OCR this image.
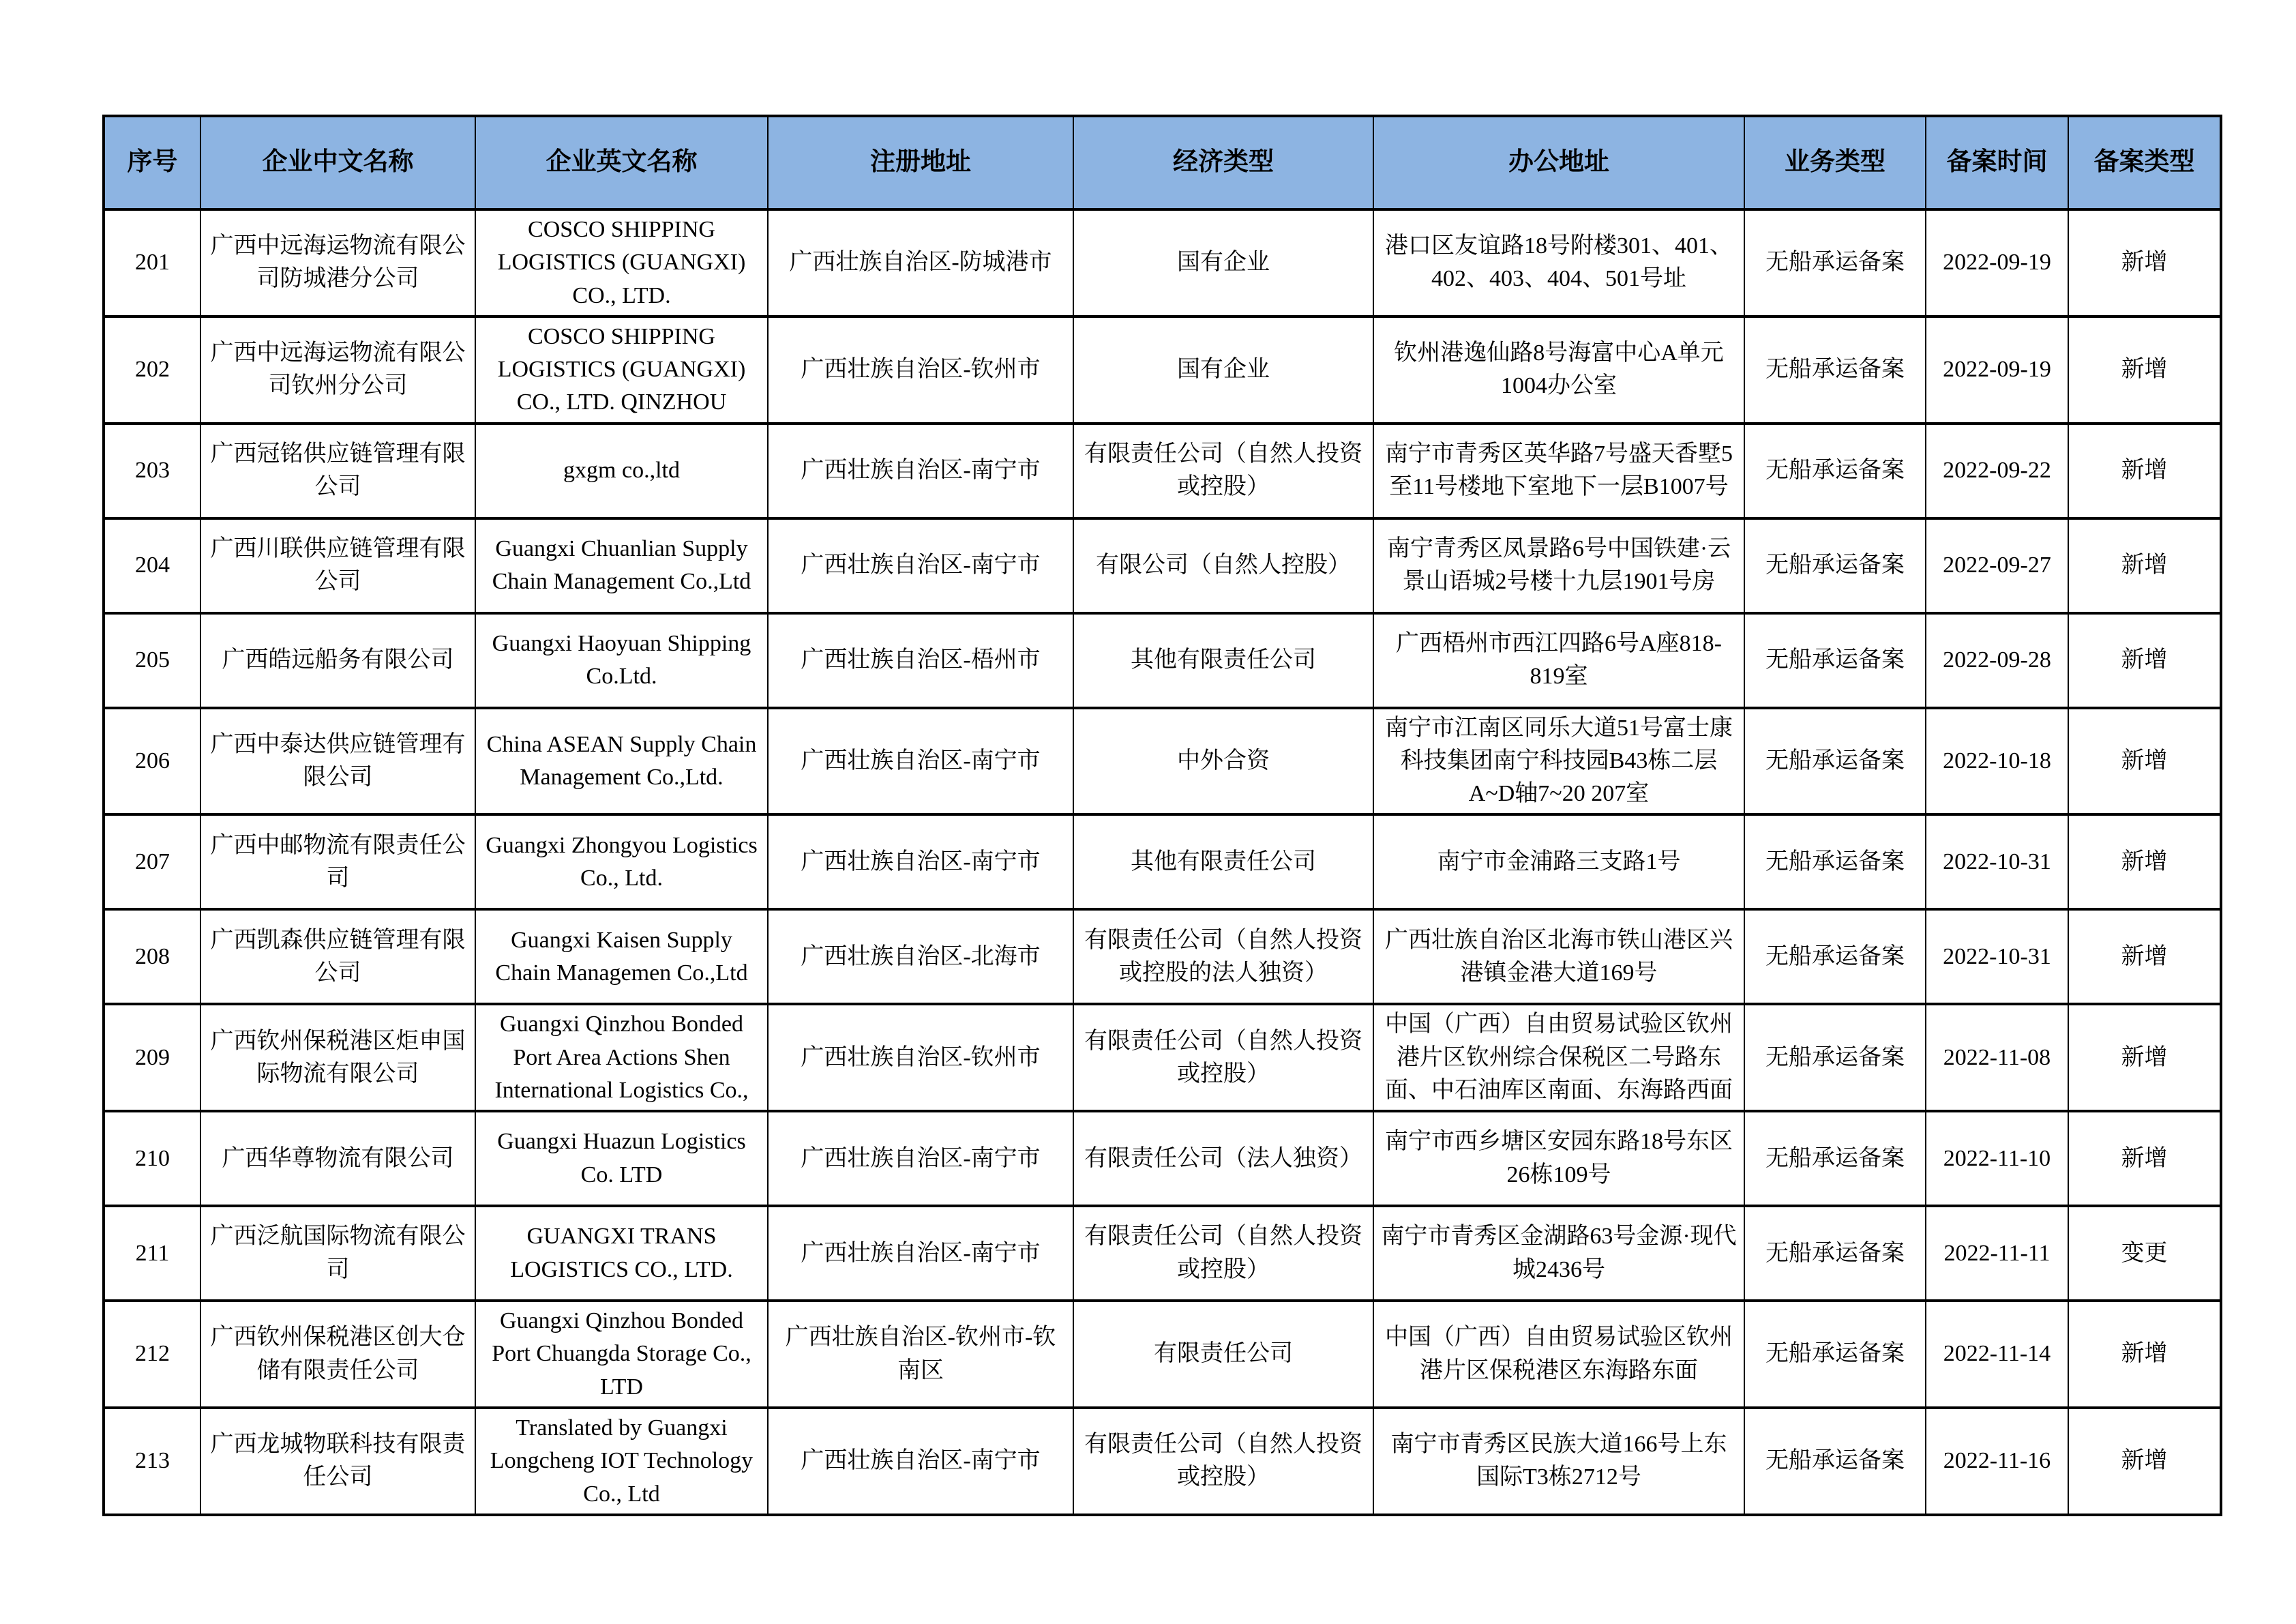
序号	企业中文名称	企业英文名称	注册地址	经济类型	办公地址	业务类型	备案时间	备案类型
201	广西中远海运物流有限公司防城港分公司	COSCO SHIPPING LOGISTICS (GUANGXI) CO., LTD.	广西壮族自治区-防城港市	国有企业	港口区友谊路18号附楼301、401、402、403、404、501号址	无船承运备案	2022-09-19	新增
202	广西中远海运物流有限公司钦州分公司	COSCO SHIPPING LOGISTICS (GUANGXI) CO., LTD. QINZHOU	广西壮族自治区-钦州市	国有企业	钦州港逸仙路8号海富中心A单元1004办公室	无船承运备案	2022-09-19	新增
203	广西冠铭供应链管理有限公司	gxgm co.,ltd	广西壮族自治区-南宁市	有限责任公司（自然人投资或控股）	南宁市青秀区英华路7号盛天香墅5至11号楼地下室地下一层B1007号	无船承运备案	2022-09-22	新增
204	广西川联供应链管理有限公司	Guangxi Chuanlian Supply Chain Management Co.,Ltd	广西壮族自治区-南宁市	有限公司（自然人控股）	南宁青秀区凤景路6号中国铁建·云景山语城2号楼十九层1901号房	无船承运备案	2022-09-27	新增
205	广西皓远船务有限公司	Guangxi Haoyuan Shipping Co.Ltd.	广西壮族自治区-梧州市	其他有限责任公司	广西梧州市西江四路6号A座818-819室	无船承运备案	2022-09-28	新增
206	广西中泰达供应链管理有限公司	China ASEAN Supply Chain Management Co.,Ltd.	广西壮族自治区-南宁市	中外合资	南宁市江南区同乐大道51号富士康科技集团南宁科技园B43栋二层A~D轴7~20 207室	无船承运备案	2022-10-18	新增
207	广西中邮物流有限责任公司	Guangxi Zhongyou Logistics Co., Ltd.	广西壮族自治区-南宁市	其他有限责任公司	南宁市金浦路三支路1号	无船承运备案	2022-10-31	新增
208	广西凯森供应链管理有限公司	Guangxi Kaisen Supply Chain Managemen Co.,Ltd	广西壮族自治区-北海市	有限责任公司（自然人投资或控股的法人独资）	广西壮族自治区北海市铁山港区兴港镇金港大道169号	无船承运备案	2022-10-31	新增
209	广西钦州保税港区炬申国际物流有限公司	Guangxi Qinzhou Bonded Port Area Actions Shen International Logistics Co.,	广西壮族自治区-钦州市	有限责任公司（自然人投资或控股）	中国（广西）自由贸易试验区钦州港片区钦州综合保税区二号路东面、中石油库区南面、东海路西面	无船承运备案	2022-11-08	新增
210	广西华尊物流有限公司	Guangxi Huazun Logistics Co. LTD	广西壮族自治区-南宁市	有限责任公司（法人独资）	南宁市西乡塘区安园东路18号东区26栋109号	无船承运备案	2022-11-10	新增
211	广西泛航国际物流有限公司	GUANGXI TRANS LOGISTICS CO., LTD.	广西壮族自治区-南宁市	有限责任公司（自然人投资或控股）	南宁市青秀区金湖路63号金源·现代城2436号	无船承运备案	2022-11-11	变更
212	广西钦州保税港区创大仓储有限责任公司	Guangxi Qinzhou Bonded Port Chuangda Storage Co., LTD	广西壮族自治区-钦州市-钦南区	有限责任公司	中国（广西）自由贸易试验区钦州港片区保税港区东海路东面	无船承运备案	2022-11-14	新增
213	广西龙城物联科技有限责任公司	Translated by Guangxi Longcheng IOT Technology Co., Ltd	广西壮族自治区-南宁市	有限责任公司（自然人投资或控股）	南宁市青秀区民族大道166号上东国际T3栋2712号	无船承运备案	2022-11-16	新增
